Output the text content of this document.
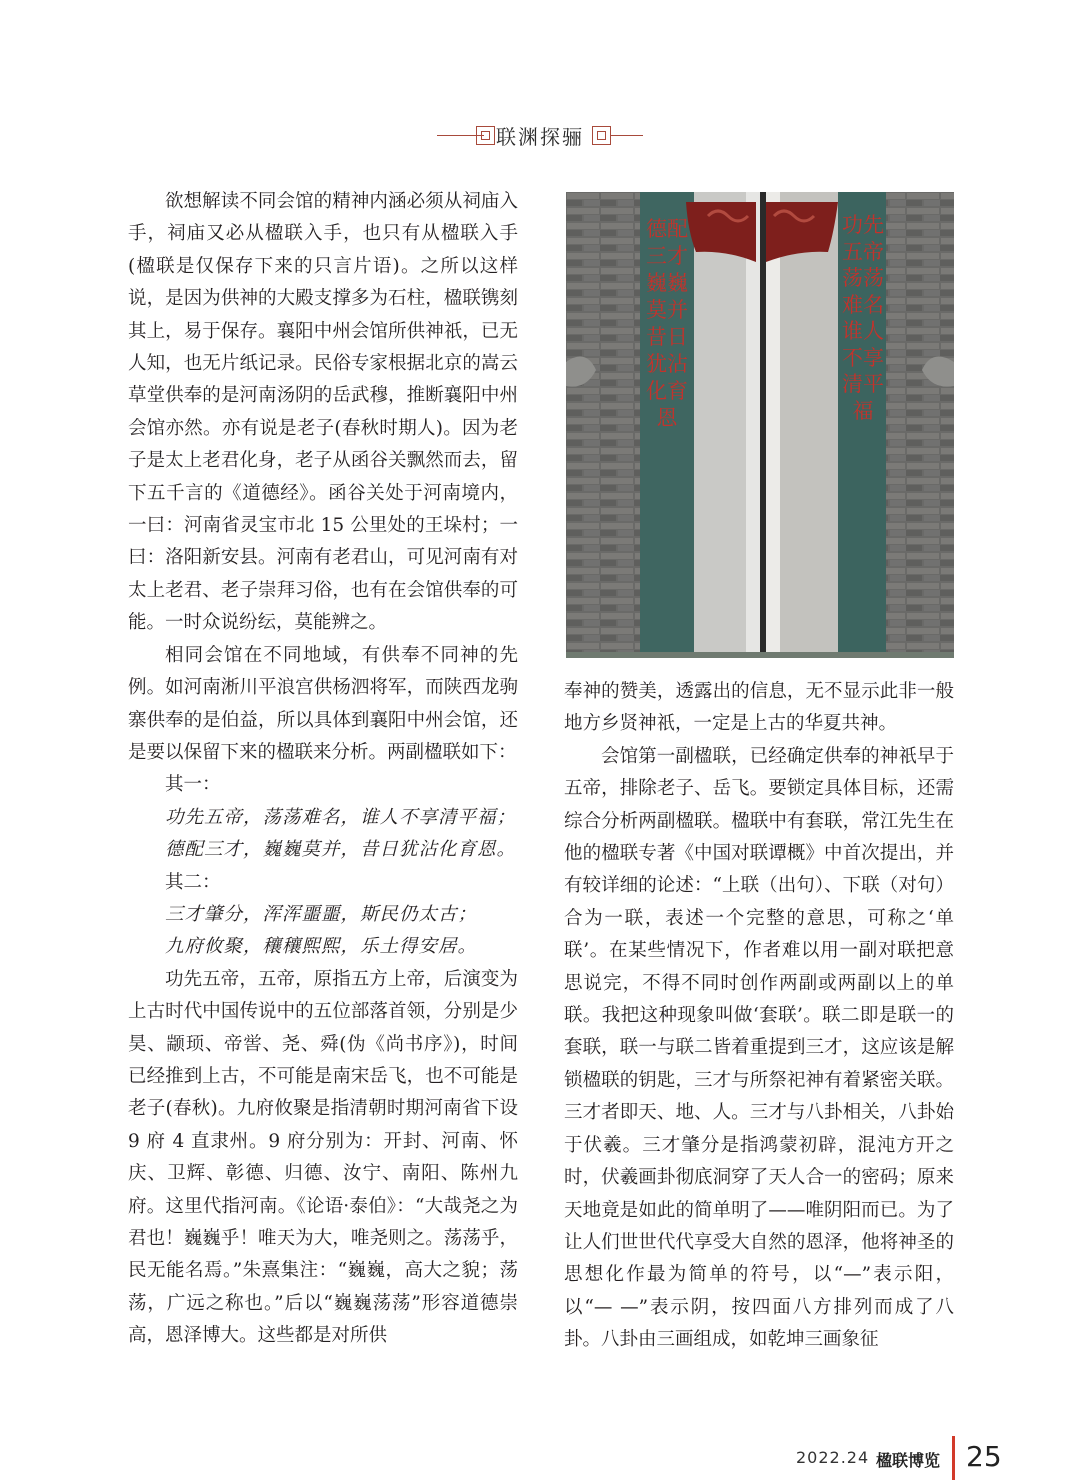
联渊探骊

欲想解读不同会馆的精神内涵必须从祠庙入手，祠庙又必从楹联入手，也只有从楹联入手(楹联是仅保存下来的只言片语)。之所以这样说，是因为供神的大殿支撑多为石柱，楹联镌刻其上，易于保存。襄阳中州会馆所供神祇，已无人知，也无片纸记录。民俗专家根据北京的嵩云草堂供奉的是河南汤阴的岳武穆，推断襄阳中州会馆亦然。亦有说是老子(春秋时期人)。因为老子是太上老君化身，老子从函谷关飘然而去，留下五千言的《道德经》。函谷关处于河南境内，一曰：河南省灵宝市北 15 公里处的王垛村；一曰：洛阳新安县。河南有老君山，可见河南有对太上老君、老子崇拜习俗，也有在会馆供奉的可能。一时众说纷纭，莫能辨之。

相同会馆在不同地域，有供奉不同神的先例。如河南淅川平浪宫供杨泗将军，而陕西龙驹寨供奉的是伯益，所以具体到襄阳中州会馆，还是要以保留下来的楹联来分析。两副楹联如下：

其一：

功先五帝，荡荡难名，谁人不享清平福；

德配三才，巍巍莫并，昔日犹沾化育恩。

其二：

三才肇分，浑浑噩噩，斯民仍太古；

九府攸聚，穰穰熙熙，乐土得安居。

功先五帝，五帝，原指五方上帝，后演变为上古时代中国传说中的五位部落首领，分别是少昊、颛顼、帝喾、尧、舜(伪《尚书序》)，时间已经推到上古，不可能是南宋岳飞，也不可能是老子(春秋)。九府攸聚是指清朝时期河南省下设 9 府 4 直隶州。9 府分别为：开封、河南、怀庆、卫辉、彰德、归德、汝宁、南阳、陈州九府。这里代指河南。《论语·泰伯》：“大哉尧之为君也！巍巍乎！唯天为大，唯尧则之。荡荡乎，民无能名焉。”朱熹集注：“巍巍，高大之貌；荡荡，广远之称也。”后以“巍巍荡荡”形容道德崇高，恩泽博大。这些都是对所供

德配三才巍巍莫并昔日犹沾化育恩
功先五帝荡荡难名谁人不享清平福

奉神的赞美，透露出的信息，无不显示此非一般地方乡贤神祇，一定是上古的华夏共神。

会馆第一副楹联，已经确定供奉的神祇早于五帝，排除老子、岳飞。要锁定具体目标，还需综合分析两副楹联。楹联中有套联，常江先生在他的楹联专著《中国对联谭概》中首次提出，并有较详细的论述：“上联（出句）、下联（对句）合为一联，表述一个完整的意思，可称之‘单联’。在某些情况下，作者难以用一副对联把意思说完，不得不同时创作两副或两副以上的单联。我把这种现象叫做‘套联’。联二即是联一的套联，联一与联二皆着重提到三才，这应该是解锁楹联的钥匙，三才与所祭祀神有着紧密关联。三才者即天、地、人。三才与八卦相关，八卦始于伏羲。三才肇分是指鸿蒙初辟，混沌方开之时，伏羲画卦彻底洞穿了天人合一的密码；原来天地竟是如此的简单明了——唯阴阳而已。为了让人们世世代代享受大自然的恩泽，他将神圣的思想化作最为简单的符号，以“—”表示阳，以“— —”表示阴，按四面八方排列而成了八卦。八卦由三画组成，如乾坤三画象征

2022.24 楹联博览 25
